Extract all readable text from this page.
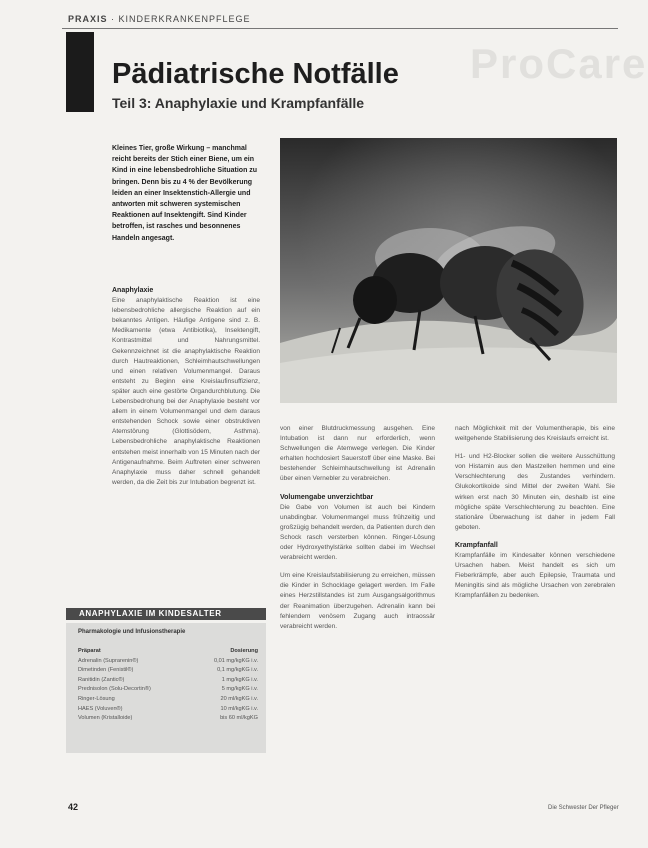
PRAXIS · KINDERKRANKENPFLEGE
ProCare
Pädiatrische Notfälle
Teil 3: Anaphylaxie und Krampfanfälle
Kleines Tier, große Wirkung – manchmal reicht bereits der Stich einer Biene, um ein Kind in eine lebensbedrohliche Situation zu bringen. Denn bis zu 4 % der Bevölkerung leiden an einer Insektenstich-Allergie und antworten mit schweren systemischen Reaktionen auf Insektengift. Sind Kinder betroffen, ist rasches und besonnenes Handeln angesagt.
Anaphylaxie

Eine anaphylaktische Reaktion ist eine lebensbedrohliche allergische Reaktion auf ein bekanntes Antigen. Häufige Antigene sind z. B. Medikamente (etwa Antibiotika), Insektengift, Kontrastmittel und Nahrungsmittel. Gekennzeichnet ist die anaphylaktische Reaktion durch Hautreaktionen, Schleimhautschwellungen und einen relativen Volumenmangel. Daraus entsteht zu Beginn eine Kreislaufinsuffizienz, später auch eine gestörte Organdurchblutung. Die Lebensbedrohung bei der Anaphylaxie besteht vor allem in einem Volumenmangel und dem daraus entstehenden Schock sowie einer obstruktiven Atemstörung (Glottisödem, Asthma). Lebensbedrohliche anaphylaktische Reaktionen entstehen meist innerhalb von 15 Minuten nach der Antigenaufnahme. Beim Auftreten einer schweren Anaphylaxie muss daher schnell gehandelt werden, da die Zeit bis zur Intubation begrenzt ist.

ANAPHYLAXIE IM KINDESALTER
Pharmakologie und Infusionstherapie
Präparat	Dosierung
Adrenalin (Suprarenin®)	0,01 mg/kgKG i.v.
Dimetinden (Fenistil®)	0,1 mg/kgKG i.v.
Ranitidin (Zantic®)	1 mg/kgKG i.v.
Prednisolon (Solu-Decortin®)	5 mg/kgKG i.v.
Ringer-Lösung	20 ml/kgKG i.v.
HAES (Voluven®)	10 ml/kgKG i.v.
Volumen (Kristalloide)	bis 60 ml/kgKG

von einer Blutdruckmessung ausgehen. Eine Intubation ist dann nur erforderlich, wenn Schwellungen die Atemwege verlegen. Die Kinder erhalten hochdosiert Sauerstoff über eine Maske. Bei bestehender Schleimhautschwellung ist Adrenalin über einen Vernebler zu verabreichen.

Volumengabe unverzichtbar

Die Gabe von Volumen ist auch bei Kindern unabdingbar. Volumenmangel muss frühzeitig und großzügig behandelt werden, da Patienten durch den Schock rasch versterben können. Ringer-Lösung oder Hydroxyethylstärke sollten dabei im Wechsel verabreicht werden.

Um eine Kreislaufstabilisierung zu erreichen, müssen die Kinder in Schocklage gelagert werden. Im Falle eines Herzstillstandes ist zum Ausgangsalgorithmus der Reanimation überzugehen. Adrenalin kann bei fehlendem venösem Zugang auch intraossär verabreicht werden.

nach Möglichkeit mit der Volumentherapie, bis eine weitgehende Stabilisierung des Kreislaufs erreicht ist.

H1- und H2-Blocker sollen die weitere Ausschüttung von Histamin aus den Mastzellen hemmen und eine Verschlechterung des Zustandes verhindern. Glukokortikoide sind Mittel der zweiten Wahl. Sie wirken erst nach 30 Minuten ein, deshalb ist eine mögliche späte Verschlechterung zu beachten. Eine stationäre Überwachung ist daher in jedem Fall geboten.

Krampfanfall

Krampfanfälle im Kindesalter können verschiedene Ursachen haben. Meist handelt es sich um Fieberkrämpfe, aber auch Epilepsie, Traumata und Meningitis sind als mögliche Ursachen von zerebralen Krampfanfällen zu bedenken.

42	Die Schwester Der Pfleger
